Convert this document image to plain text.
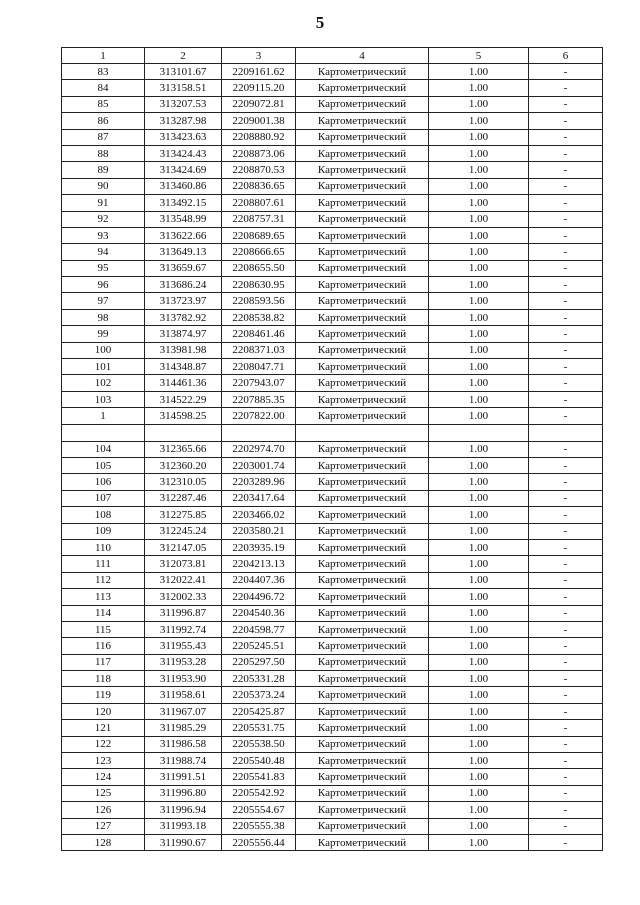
5
1	2	3	4	5	6
83	313101.67	2209161.62	Картометрический	1.00	-
84	313158.51	2209115.20	Картометрический	1.00	-
85	313207.53	2209072.81	Картометрический	1.00	-
86	313287.98	2209001.38	Картометрический	1.00	-
87	313423.63	2208880.92	Картометрический	1.00	-
88	313424.43	2208873.06	Картометрический	1.00	-
89	313424.69	2208870.53	Картометрический	1.00	-
90	313460.86	2208836.65	Картометрический	1.00	-
91	313492.15	2208807.61	Картометрический	1.00	-
92	313548.99	2208757.31	Картометрический	1.00	-
93	313622.66	2208689.65	Картометрический	1.00	-
94	313649.13	2208666.65	Картометрический	1.00	-
95	313659.67	2208655.50	Картометрический	1.00	-
96	313686.24	2208630.95	Картометрический	1.00	-
97	313723.97	2208593.56	Картометрический	1.00	-
98	313782.92	2208538.82	Картометрический	1.00	-
99	313874.97	2208461.46	Картометрический	1.00	-
100	313981.98	2208371.03	Картометрический	1.00	-
101	314348.87	2208047.71	Картометрический	1.00	-
102	314461.36	2207943.07	Картометрический	1.00	-
103	314522.29	2207885.35	Картометрический	1.00	-
1	314598.25	2207822.00	Картометрический	1.00	-

104	312365.66	2202974.70	Картометрический	1.00	-
105	312360.20	2203001.74	Картометрический	1.00	-
106	312310.05	2203289.96	Картометрический	1.00	-
107	312287.46	2203417.64	Картометрический	1.00	-
108	312275.85	2203466.02	Картометрический	1.00	-
109	312245.24	2203580.21	Картометрический	1.00	-
110	312147.05	2203935.19	Картометрический	1.00	-
111	312073.81	2204213.13	Картометрический	1.00	-
112	312022.41	2204407.36	Картометрический	1.00	-
113	312002.33	2204496.72	Картометрический	1.00	-
114	311996.87	2204540.36	Картометрический	1.00	-
115	311992.74	2204598.77	Картометрический	1.00	-
116	311955.43	2205245.51	Картометрический	1.00	-
117	311953.28	2205297.50	Картометрический	1.00	-
118	311953.90	2205331.28	Картометрический	1.00	-
119	311958.61	2205373.24	Картометрический	1.00	-
120	311967.07	2205425.87	Картометрический	1.00	-
121	311985.29	2205531.75	Картометрический	1.00	-
122	311986.58	2205538.50	Картометрический	1.00	-
123	311988.74	2205540.48	Картометрический	1.00	-
124	311991.51	2205541.83	Картометрический	1.00	-
125	311996.80	2205542.92	Картометрический	1.00	-
126	311996.94	2205554.67	Картометрический	1.00	-
127	311993.18	2205555.38	Картометрический	1.00	-
128	311990.67	2205556.44	Картометрический	1.00	-
